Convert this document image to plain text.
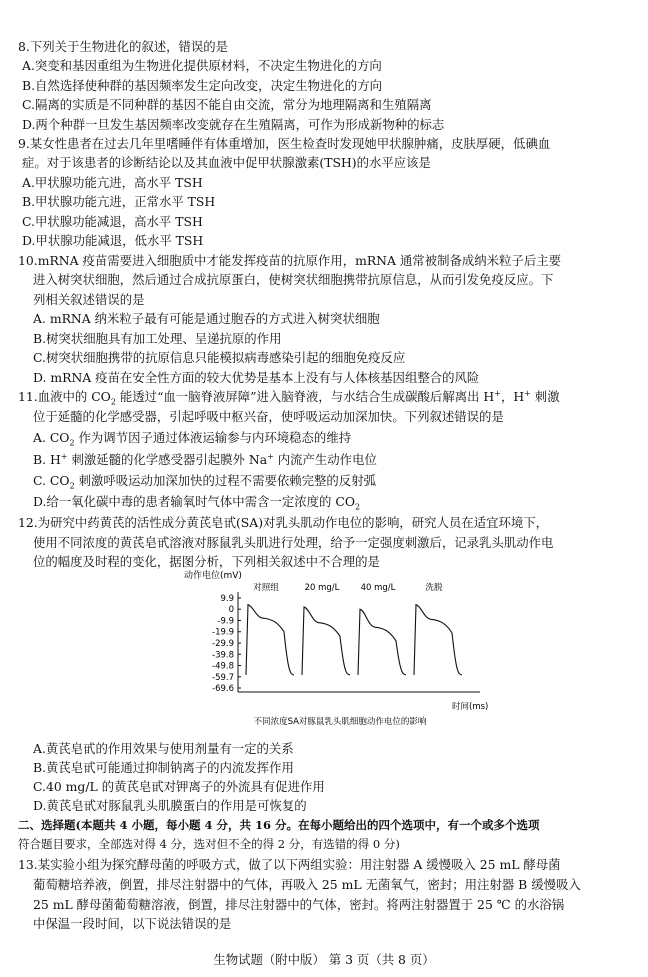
8.下列关于生物进化的叙述，错误的是
A.突变和基因重组为生物进化提供原材料，不决定生物进化的方向
B.自然选择使种群的基因频率发生定向改变，决定生物进化的方向
C.隔离的实质是不同种群的基因不能自由交流，常分为地理隔离和生殖隔离
D.两个种群一旦发生基因频率改变就存在生殖隔离，可作为形成新物种的标志
9.某女性患者在过去几年里嗜睡伴有体重增加，医生检查时发现她甲状腺肿痛，皮肤厚硬，低碘血
症。对于该患者的诊断结论以及其血液中促甲状腺激素(TSH)的水平应该是
A.甲状腺功能亢进，高水平 TSH
B.甲状腺功能亢进，正常水平 TSH
C.甲状腺功能减退，高水平 TSH
D.甲状腺功能减退，低水平 TSH
10.mRNA 疫苗需要进入细胞质中才能发挥疫苗的抗原作用，mRNA 通常被制备成纳米粒子后主要
进入树突状细胞，然后通过合成抗原蛋白，使树突状细胞携带抗原信息，从而引发免疫反应。下
列相关叙述错误的是
A. mRNA 纳米粒子最有可能是通过胞吞的方式进入树突状细胞
B.树突状细胞具有加工处理、呈递抗原的作用
C.树突状细胞携带的抗原信息只能模拟病毒感染引起的细胞免疫反应
D. mRNA 疫苗在安全性方面的较大优势是基本上没有与人体核基因组整合的风险
11.血液中的 $CO_2$ 能透过“血一脑脊液屏障”进入脑脊液，与水结合生成碳酸后解离出 H+，H+ 刺激
位于延髓的化学感受器，引起呼吸中枢兴奋，使呼吸运动加深加快。下列叙述错误的是
A. $CO_2$ 作为调节因子通过体液运输参与内环境稳态的维持
B. H+ 刺激延髓的化学感受器引起膜外 Na+ 内流产生动作电位
C. $CO_2$ 刺激呼吸运动加深加快的过程不需要依赖完整的反射弧
D.给一氧化碳中毒的患者输氧时气体中需含一定浓度的 $CO_2$
12.为研究中药黄芪的活性成分黄芪皂甙(SA)对乳头肌动作电位的影响，研究人员在适宜环境下，
使用不同浓度的黄芪皂甙溶液对豚鼠乳头肌进行处理，给予一定强度刺激后，记录乳头肌动作电
位的幅度及时程的变化，据图分析，下列相关叙述中不合理的是
动作电位(mV)
9.9
0
-9.9
-19.9
-29.9
-39.8
-49.8
-59.7
-69.6
对照组	20 mg/L 40 mg/L	洗脱
时间(ms)
不同浓度SA对豚鼠乳头肌细胞动作电位的影响
A.黄芪皂甙的作用效果与使用剂量有一定的关系
B.黄芪皂甙可能通过抑制钠离子的内流发挥作用
C.40 mg/L 的黄芪皂甙对钾离子的外流具有促进作用
D.黄芪皂甙对豚鼠乳头肌膜蛋白的作用是可恢复的
二、选择题(本题共 4 小题，每小题 4 分，共 16 分。在每小题给出的四个选项中，有一个或多个选项
符合题目要求，全部选对得 4 分，选对但不全的得 2 分，有选错的得 0 分)
13.某实验小组为探究酵母菌的呼吸方式，做了以下两组实验：用注射器 A 缓慢吸入 25 mL 酵母菌
葡萄糖培养液，倒置，排尽注射器中的气体，再吸入 25 mL 无菌氧气，密封；用注射器 B 缓慢吸入
25 mL 酵母菌葡萄糖溶液，倒置，排尽注射器中的气体，密封。将两注射器置于 25 ℃ 的水浴锅
中保温一段时间，以下说法错误的是
生物试题（附中版） 第 3 页（共 8 页）
